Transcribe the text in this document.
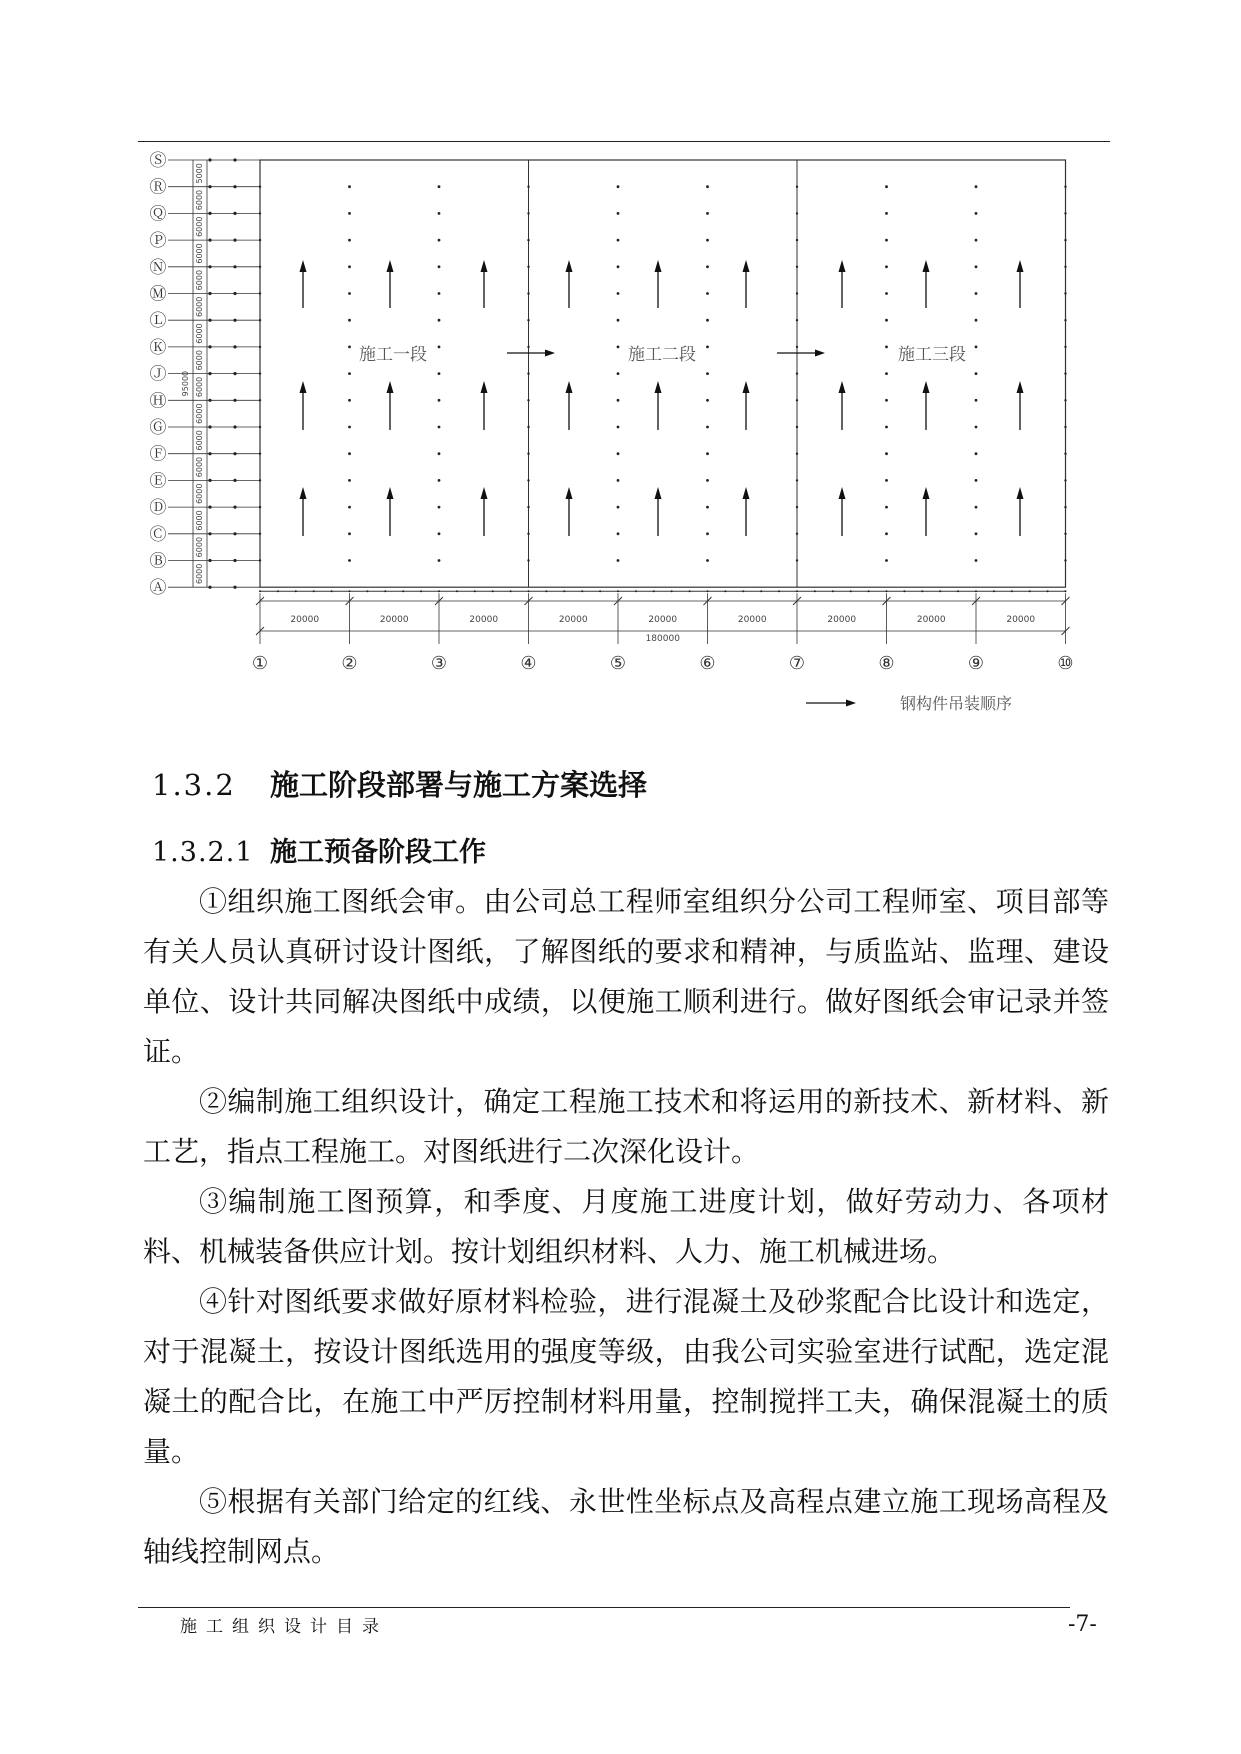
Ⓢ
Ⓡ
Ⓠ
Ⓟ
Ⓝ
Ⓜ
Ⓛ
Ⓚ
Ⓙ
Ⓗ
Ⓖ
Ⓕ
Ⓔ
Ⓓ
Ⓒ
Ⓑ
Ⓐ
5000
6000
6000
6000
6000
6000
6000
6000
6000
6000
6000
6000
6000
6000
6000
6000
95000
施工一段	施工二段	施工三段
①	②	③	④	⑤	⑥	⑦	⑧	⑨	⑩
20000	20000	20000	20000	20000	20000	20000	20000	20000
180000
钢构件吊装顺序
1.3.2 施工阶段部署与施工方案选择
1.3.2.1 施工预备阶段工作

①组织施工图纸会审。由公司总工程师室组织分公司工程师室、项目部等有关人员认真研讨设计图纸，了解图纸的要求和精神，与质监站、监理、建设单位、设计共同解决图纸中成绩，以便施工顺利进行。做好图纸会审记录并签证。

②编制施工组织设计，确定工程施工技术和将运用的新技术、新材料、新工艺，指点工程施工。对图纸进行二次深化设计。

③编制施工图预算，和季度、月度施工进度计划，做好劳动力、各项材料、机械装备供应计划。按计划组织材料、人力、施工机械进场。

④针对图纸要求做好原材料检验，进行混凝土及砂浆配合比设计和选定，对于混凝土，按设计图纸选用的强度等级，由我公司实验室进行试配，选定混凝土的配合比，在施工中严厉控制材料用量，控制搅拌工夫，确保混凝土的质量。

⑤根据有关部门给定的红线、永世性坐标点及高程点建立施工现场高程及轴线控制网点。

施工组织设计目录	-7-
